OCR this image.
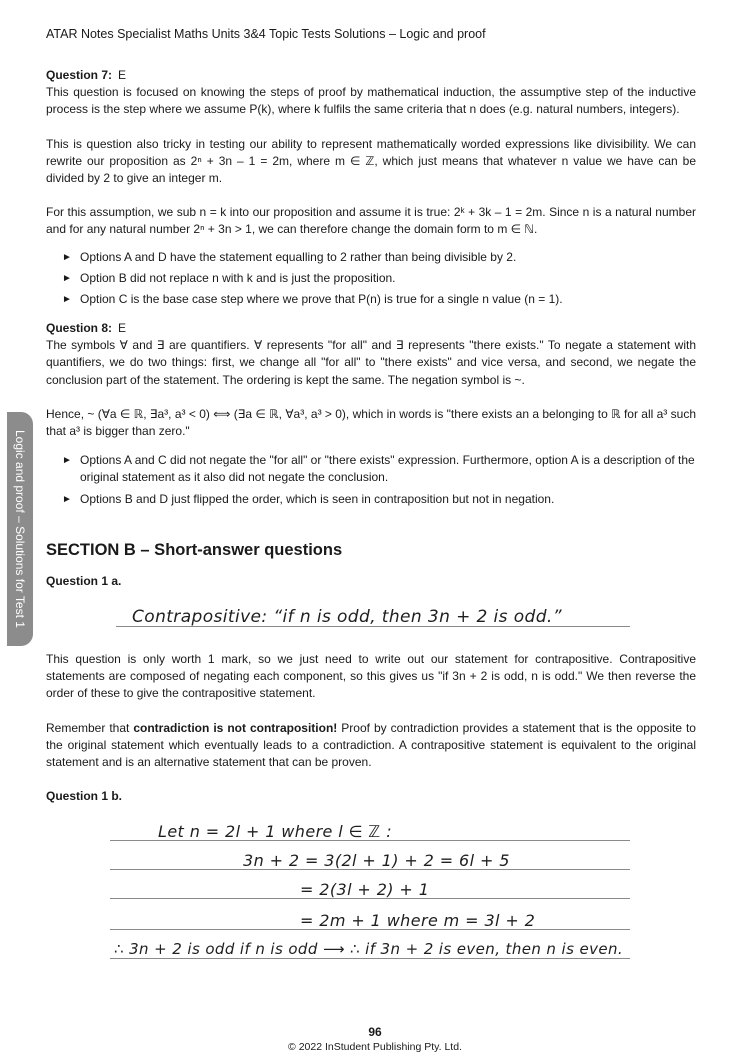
ATAR Notes Specialist Maths Units 3&4 Topic Tests Solutions – Logic and proof
Logic and proof – Solutions for Test 1
Question 7: E

This question is focused on knowing the steps of proof by mathematical induction, the assumptive step of the inductive process is the step where we assume P(k), where k fulfils the same criteria that n does (e.g. natural numbers, integers).

This is question also tricky in testing our ability to represent mathematically worded expressions like divisibility. We can rewrite our proposition as 2ⁿ + 3n – 1 = 2m, where m ∈ ℤ, which just means that whatever n value we have can be divided by 2 to give an integer m.

For this assumption, we sub n = k into our proposition and assume it is true: 2ᵏ + 3k – 1 = 2m. Since n is a natural number and for any natural number 2ⁿ + 3n > 1, we can therefore change the domain form to m ∈ ℕ.

► Options A and D have the statement equalling to 2 rather than being divisible by 2.

► Option B did not replace n with k and is just the proposition.

► Option C is the base case step where we prove that P(n) is true for a single n value (n = 1).

Question 8: E

The symbols ∀ and ∃ are quantifiers. ∀ represents "for all" and ∃ represents "there exists." To negate a statement with quantifiers, we do two things: first, we change all "for all" to "there exists" and vice versa, and second, we negate the conclusion part of the statement. The ordering is kept the same. The negation symbol is ~.

Hence, ~ (∀a ∈ ℝ, ∃a³, a³ < 0) ⟺ (∃a ∈ ℝ, ∀a³, a³ > 0), which in words is "there exists an a belonging to ℝ for all a³ such that a³ is bigger than zero."

► Options A and C did not negate the "for all" or "there exists" expression. Furthermore, option A is a description of the original statement as it also did not negate the conclusion.

► Options B and D just flipped the order, which is seen in contraposition but not in negation.

SECTION B – Short-answer questions
Question 1 a.
Contrapositive: “if n is odd, then 3n + 2 is odd.”

This question is only worth 1 mark, so we just need to write out our statement for contrapositive. Contrapositive statements are composed of negating each component, so this gives us "if 3n + 2 is odd, n is odd." We then reverse the order of these to give the contrapositive statement.

Remember that contradiction is not contraposition! Proof by contradiction provides a statement that is the opposite to the original statement which eventually leads to a contradiction. A contrapositive statement is equivalent to the original statement and is an alternative statement that can be proven.

Question 1 b.
Let n = 2l + 1 where l ∈ ℤ :
3n + 2 = 3(2l + 1) + 2 = 6l + 5
= 2(3l + 2) + 1
= 2m + 1 where m = 3l + 2
∴ 3n + 2 is odd if n is odd ⟶ ∴ if 3n + 2 is even, then n is even.
96
© 2022 InStudent Publishing Pty. Ltd.
